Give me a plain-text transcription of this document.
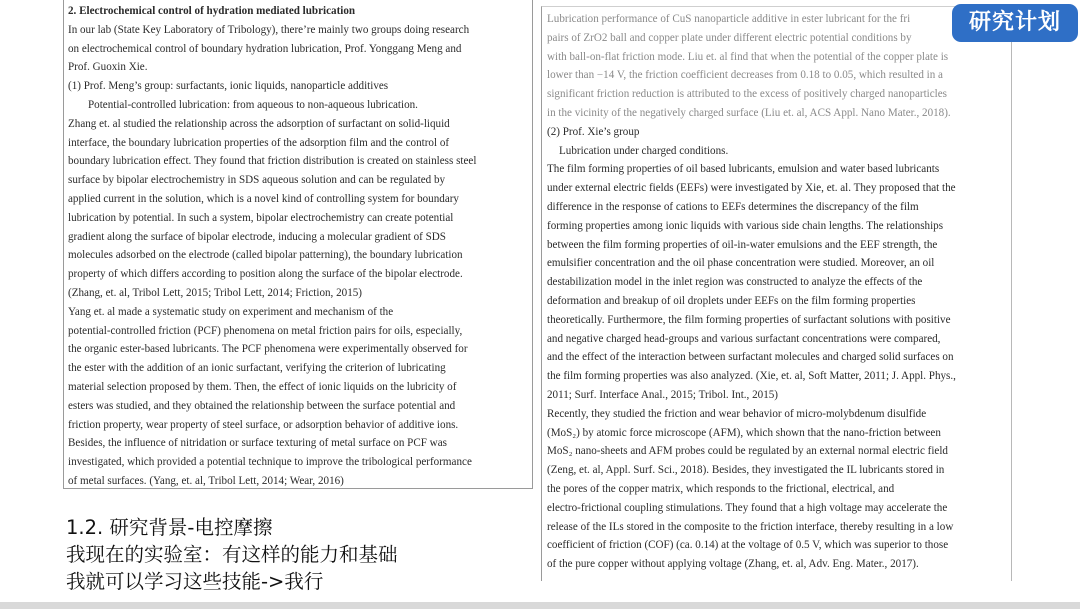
2. Electrochemical control of hydration mediated lubrication
In our lab (State Key Laboratory of Tribology), there’re mainly two groups doing research
on electrochemical control of boundary hydration lubrication, Prof. Yonggang Meng and
Prof. Guoxin Xie.
(1) Prof. Meng’s group: surfactants, ionic liquids, nanoparticle additives
Potential-controlled lubrication: from aqueous to non-aqueous lubrication.
Zhang et. al studied the relationship across the adsorption of surfactant on solid-liquid
interface, the boundary lubrication properties of the adsorption film and the control of
boundary lubrication effect. They found that friction distribution is created on stainless steel
surface by bipolar electrochemistry in SDS aqueous solution and can be regulated by
applied current in the solution, which is a novel kind of controlling system for boundary
lubrication by potential. In such a system, bipolar electrochemistry can create potential
gradient along the surface of bipolar electrode, inducing a molecular gradient of SDS
molecules adsorbed on the electrode (called bipolar patterning), the boundary lubrication
property of which differs according to position along the surface of the bipolar electrode.
(Zhang, et. al, Tribol Lett, 2015; Tribol Lett, 2014; Friction, 2015)
Yang et. al made a systematic study on experiment and mechanism of the
potential-controlled friction (PCF) phenomena on metal friction pairs for oils, especially,
the organic ester-based lubricants. The PCF phenomena were experimentally observed for
the ester with the addition of an ionic surfactant, verifying the criterion of lubricating
material selection proposed by them. Then, the effect of ionic liquids on the lubricity of
esters was studied, and they obtained the relationship between the surface potential and
friction property, wear property of steel surface, or adsorption behavior of additive ions.
Besides, the influence of nitridation or surface texturing of metal surface on PCF was
investigated, which provided a potential technique to improve the tribological performance
of metal surfaces. (Yang, et. al, Tribol Lett, 2014; Wear, 2016)
Lubrication performance of CuS nanoparticle additive in ester lubricant for the fri
pairs of ZrO2 ball and copper plate under different electric potential conditions by
with ball-on-flat friction mode. Liu et. al find that when the potential of the copper plate is
lower than −14 V, the friction coefficient decreases from 0.18 to 0.05, which resulted in a
significant friction reduction is attributed to the excess of positively charged nanoparticles
in the vicinity of the negatively charged surface (Liu et. al, ACS Appl. Nano Mater., 2018).
(2) Prof. Xie’s group
Lubrication under charged conditions.
The film forming properties of oil based lubricants, emulsion and water based lubricants
under external electric fields (EEFs) were investigated by Xie, et. al. They proposed that the
difference in the response of cations to EEFs determines the discrepancy of the film
forming properties among ionic liquids with various side chain lengths. The relationships
between the film forming properties of oil-in-water emulsions and the EEF strength, the
emulsifier concentration and the oil phase concentration were studied. Moreover, an oil
destabilization model in the inlet region was constructed to analyze the effects of the
deformation and breakup of oil droplets under EEFs on the film forming properties
theoretically. Furthermore, the film forming properties of surfactant solutions with positive
and negative charged head-groups and various surfactant concentrations were compared,
and the effect of the interaction between surfactant molecules and charged solid surfaces on
the film forming properties was also analyzed. (Xie, et. al, Soft Matter, 2011; J. Appl. Phys.,
2011; Surf. Interface Anal., 2015; Tribol. Int., 2015)
Recently, they studied the friction and wear behavior of micro-molybdenum disulfide
(MoS₂) by atomic force microscope (AFM), which shown that the nano-friction between
MoS₂ nano-sheets and AFM probes could be regulated by an external normal electric field
(Zeng, et. al, Appl. Surf. Sci., 2018). Besides, they investigated the IL lubricants stored in
the pores of the copper matrix, which responds to the frictional, electrical, and
electro-frictional coupling stimulations. They found that a high voltage may accelerate the
release of the ILs stored in the composite to the friction interface, thereby resulting in a low
coefficient of friction (COF) (ca. 0.14) at the voltage of 0.5 V, which was superior to those
of the pure copper without applying voltage (Zhang, et. al, Adv. Eng. Mater., 2017).
1.2. 研究背景-电控摩擦
我现在的实验室：有这样的能力和基础
我就可以学习这些技能->我行
研究计划
